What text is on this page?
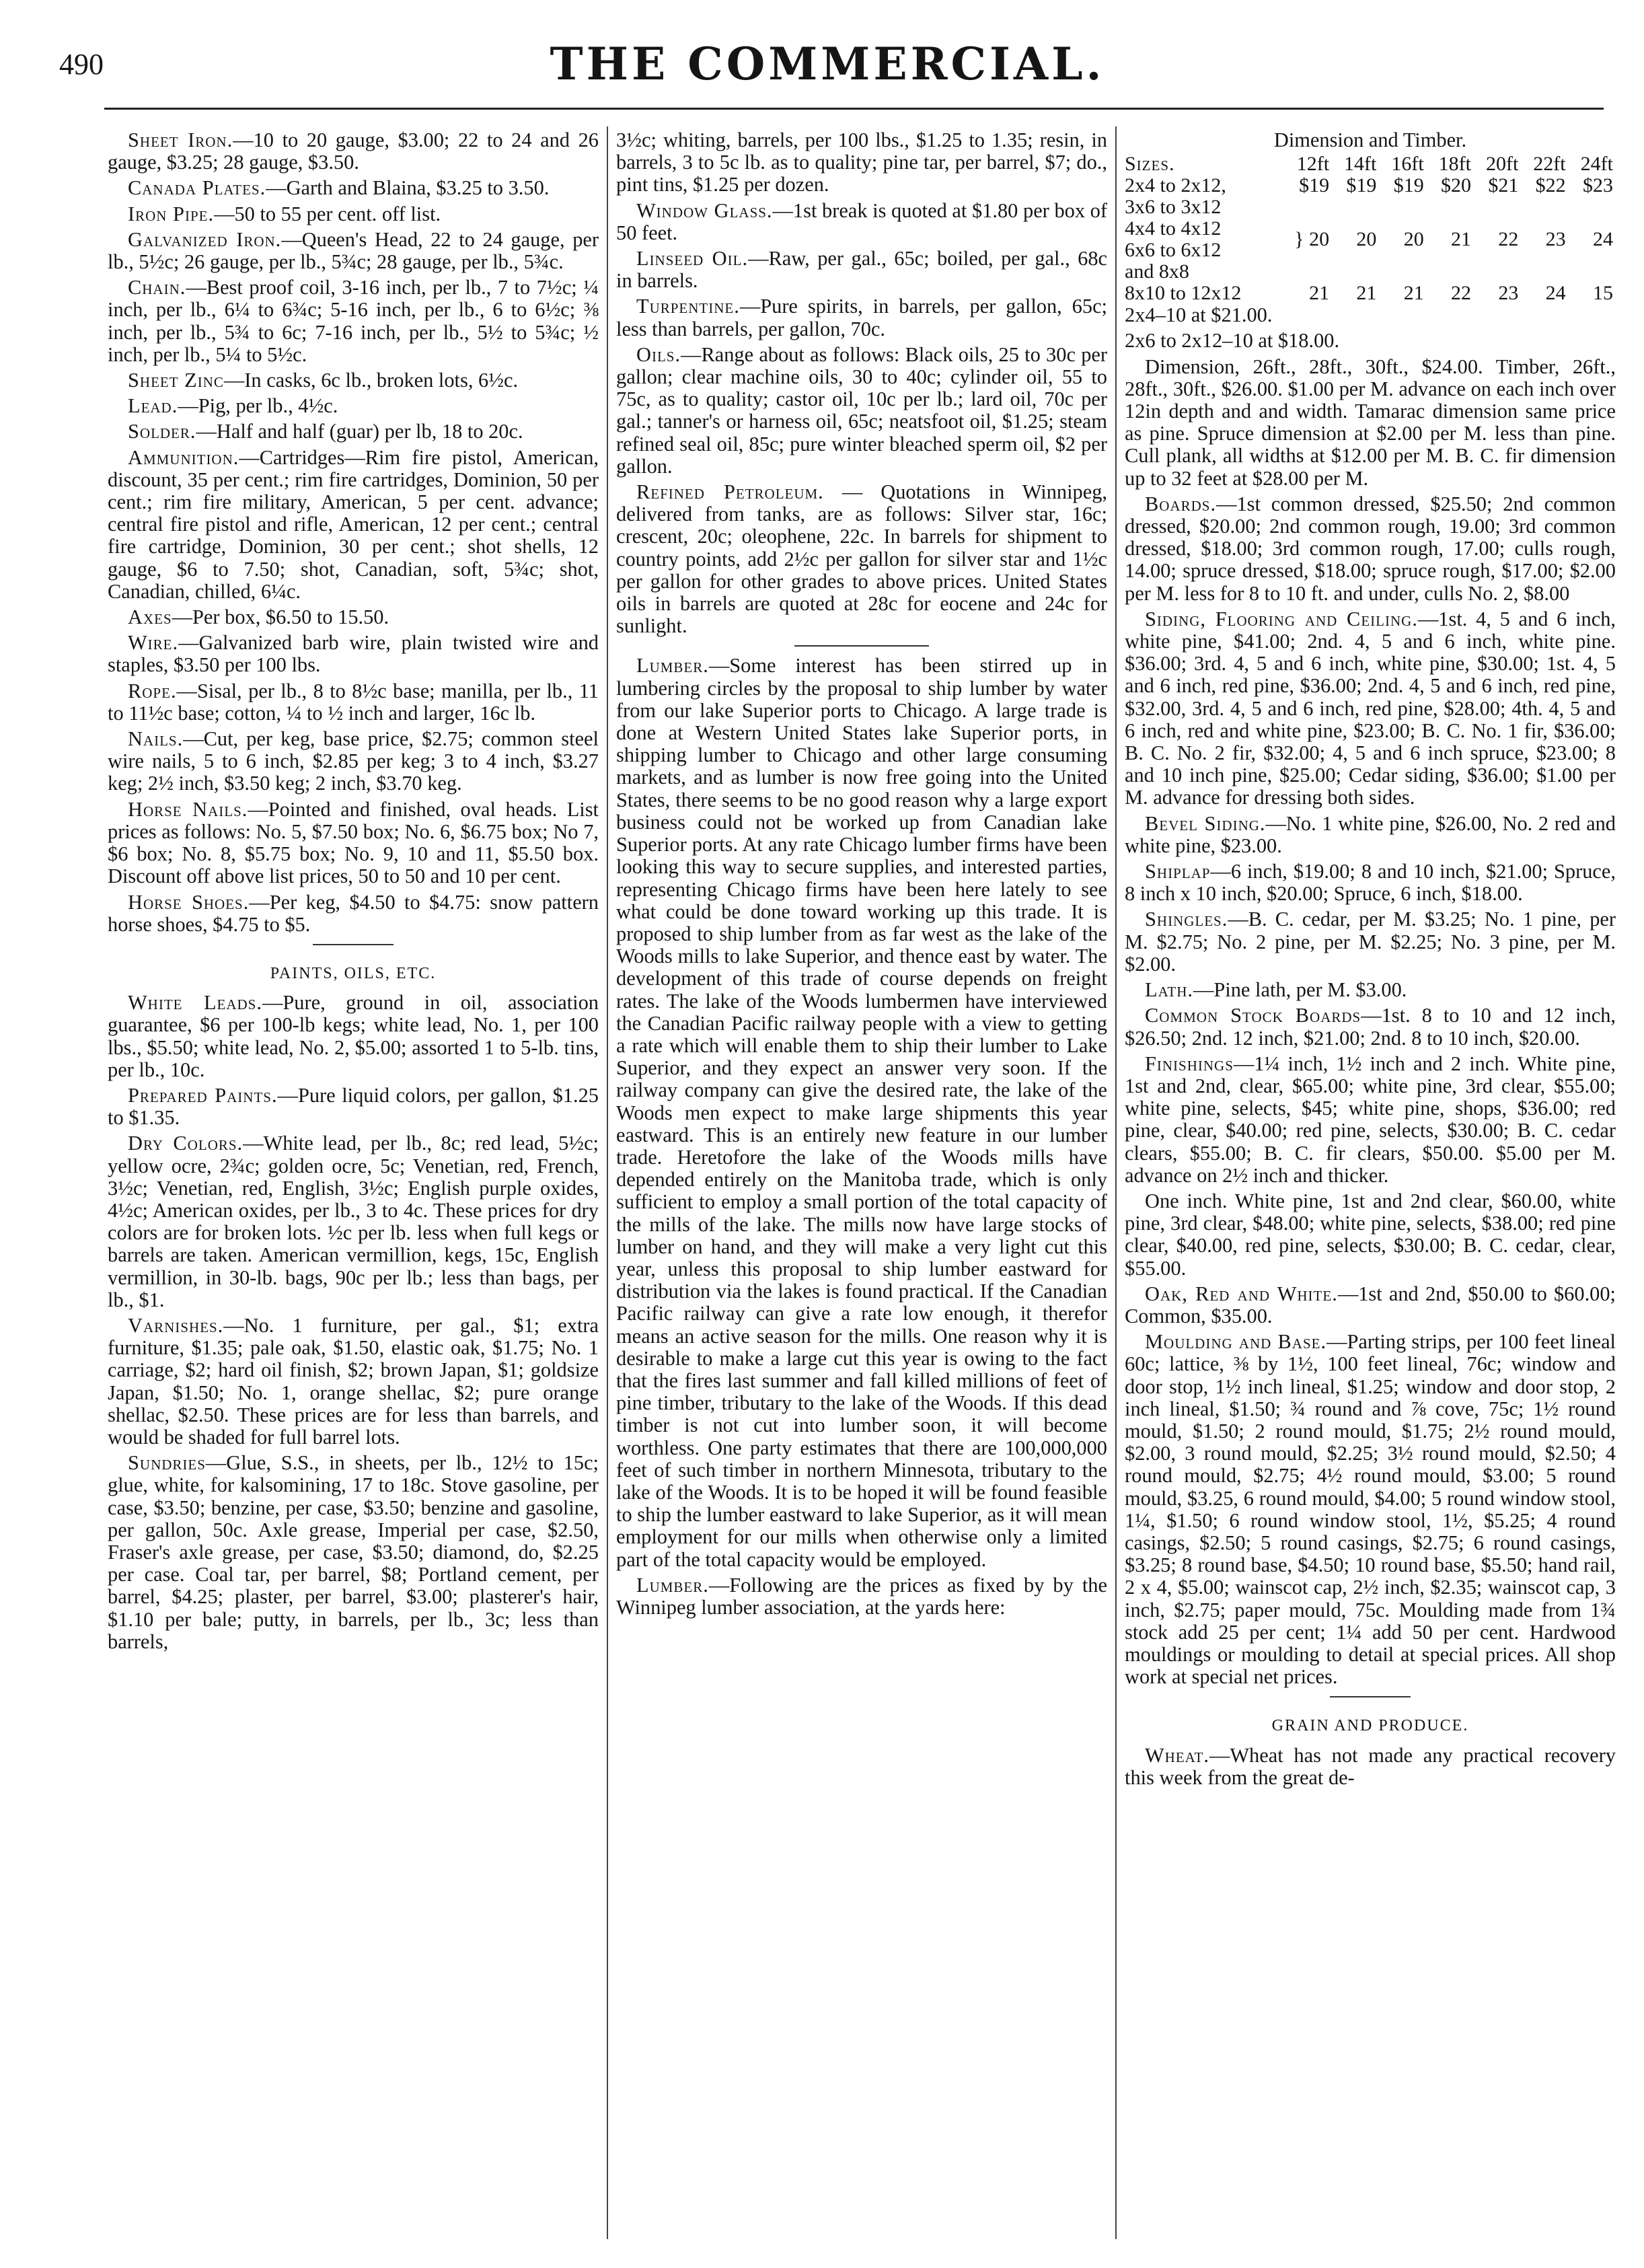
490	THE COMMERCIAL.

Sheet Iron.—10 to 20 gauge, $3.00; 22 to 24 and 26 gauge, $3.25; 28 gauge, $3.50.

Canada Plates.—Garth and Blaina, $3.25 to 3.50.

Iron Pipe.—50 to 55 per cent. off list.

Galvanized Iron.—Queen's Head, 22 to 24 gauge, per lb., 5½c; 26 gauge, per lb., 5¾c; 28 gauge, per lb., 5¾c.

Chain.—Best proof coil, 3-16 inch, per lb., 7 to 7½c; ¼ inch, per lb., 6¼ to 6¾c; 5-16 inch, per lb., 6 to 6½c; ⅜ inch, per lb., 5¾ to 6c; 7-16 inch, per lb., 5½ to 5¾c; ½ inch, per lb., 5¼ to 5½c.

Sheet Zinc—In casks, 6c lb., broken lots, 6½c.

Lead.—Pig, per lb., 4½c.

Solder.—Half and half (guar) per lb, 18 to 20c.

Ammunition.—Cartridges—Rim fire pistol, American, discount, 35 per cent.; rim fire cartridges, Dominion, 50 per cent.; rim fire military, American, 5 per cent. advance; central fire pistol and rifle, American, 12 per cent.; central fire cartridge, Dominion, 30 per cent.; shot shells, 12 gauge, $6 to 7.50; shot, Canadian, soft, 5¾c; shot, Canadian, chilled, 6¼c.

Axes—Per box, $6.50 to 15.50.

Wire.—Galvanized barb wire, plain twisted wire and staples, $3.50 per 100 lbs.

Rope.—Sisal, per lb., 8 to 8½c base; manilla, per lb., 11 to 11½c base; cotton, ¼ to ½ inch and larger, 16c lb.

Nails.—Cut, per keg, base price, $2.75; common steel wire nails, 5 to 6 inch, $2.85 per keg; 3 to 4 inch, $3.27 keg; 2½ inch, $3.50 keg; 2 inch, $3.70 keg.

Horse Nails.—Pointed and finished, oval heads. List prices as follows: No. 5, $7.50 box; No. 6, $6.75 box; No 7, $6 box; No. 8, $5.75 box; No. 9, 10 and 11, $5.50 box. Discount off above list prices, 50 to 50 and 10 per cent.

Horse Shoes.—Per keg, $4.50 to $4.75: snow pattern horse shoes, $4.75 to $5.

PAINTS, OILS, ETC.

White Leads.—Pure, ground in oil, association guarantee, $6 per 100-lb kegs; white lead, No. 1, per 100 lbs., $5.50; white lead, No. 2, $5.00; assorted 1 to 5-lb. tins, per lb., 10c.

Prepared Paints.—Pure liquid colors, per gallon, $1.25 to $1.35.

Dry Colors.—White lead, per lb., 8c; red lead, 5½c; yellow ocre, 2¾c; golden ocre, 5c; Venetian, red, French, 3½c; Venetian, red, English, 3½c; English purple oxides, 4½c; American oxides, per lb., 3 to 4c. These prices for dry colors are for broken lots. ½c per lb. less when full kegs or barrels are taken. American vermillion, kegs, 15c, English vermillion, in 30-lb. bags, 90c per lb.; less than bags, per lb., $1.

Varnishes.—No. 1 furniture, per gal., $1; extra furniture, $1.35; pale oak, $1.50, elastic oak, $1.75; No. 1 carriage, $2; hard oil finish, $2; brown Japan, $1; goldsize Japan, $1.50; No. 1, orange shellac, $2; pure orange shellac, $2.50. These prices are for less than barrels, and would be shaded for full barrel lots.

Sundries—Glue, S.S., in sheets, per lb., 12½ to 15c; glue, white, for kalsomining, 17 to 18c. Stove gasoline, per case, $3.50; benzine, per case, $3.50; benzine and gasoline, per gallon, 50c. Axle grease, Imperial per case, $2.50, Fraser's axle grease, per case, $3.50; diamond, do, $2.25 per case. Coal tar, per barrel, $8; Portland cement, per barrel, $4.25; plaster, per barrel, $3.00; plasterer's hair, $1.10 per bale; putty, in barrels, per lb., 3c; less than barrels,

3½c; whiting, barrels, per 100 lbs., $1.25 to 1.35; resin, in barrels, 3 to 5c lb. as to quality; pine tar, per barrel, $7; do., pint tins, $1.25 per dozen.

Window Glass.—1st break is quoted at $1.80 per box of 50 feet.

Linseed Oil.—Raw, per gal., 65c; boiled, per gal., 68c in barrels.

Turpentine.—Pure spirits, in barrels, per gallon, 65c; less than barrels, per gallon, 70c.

Oils.—Range about as follows: Black oils, 25 to 30c per gallon; clear machine oils, 30 to 40c; cylinder oil, 55 to 75c, as to quality; castor oil, 10c per lb.; lard oil, 70c per gal.; tanner's or harness oil, 65c; neatsfoot oil, $1.25; steam refined seal oil, 85c; pure winter bleached sperm oil, $2 per gallon.

Refined Petroleum. — Quotations in Winnipeg, delivered from tanks, are as follows: Silver star, 16c; crescent, 20c; oleophene, 22c. In barrels for shipment to country points, add 2½c per gallon for silver star and 1½c per gallon for other grades to above prices. United States oils in barrels are quoted at 28c for eocene and 24c for sunlight.

Lumber.—Some interest has been stirred up in lumbering circles by the proposal to ship lumber by water from our lake Superior ports to Chicago. A large trade is done at Western United States lake Superior ports, in shipping lumber to Chicago and other large consuming markets, and as lumber is now free going into the United States, there seems to be no good reason why a large export business could not be worked up from Canadian lake Superior ports. At any rate Chicago lumber firms have been looking this way to secure supplies, and interested parties, representing Chicago firms have been here lately to see what could be done toward working up this trade. It is proposed to ship lumber from as far west as the lake of the Woods mills to lake Superior, and thence east by water. The development of this trade of course depends on freight rates. The lake of the Woods lumbermen have interviewed the Canadian Pacific railway people with a view to getting a rate which will enable them to ship their lumber to Lake Superior, and they expect an answer very soon. If the railway company can give the desired rate, the lake of the Woods men expect to make large shipments this year eastward. This is an entirely new feature in our lumber trade. Heretofore the lake of the Woods mills have depended entirely on the Manitoba trade, which is only sufficient to employ a small portion of the total capacity of the mills of the lake. The mills now have large stocks of lumber on hand, and they will make a very light cut this year, unless this proposal to ship lumber eastward for distribution via the lakes is found practical. If the Canadian Pacific railway can give a rate low enough, it therefor means an active season for the mills. One reason why it is desirable to make a large cut this year is owing to the fact that the fires last summer and fall killed millions of feet of pine timber, tributary to the lake of the Woods. If this dead timber is not cut into lumber soon, it will become worthless. One party estimates that there are 100,000,000 feet of such timber in northern Minnesota, tributary to the lake of the Woods. It is to be hoped it will be found feasible to ship the lumber eastward to lake Superior, as it will mean employment for our mills when otherwise only a limited part of the total capacity would be employed.

Lumber.—Following are the prices as fixed by by the Winnipeg lumber association, at the yards here:

Dimension and Timber.

Sizes.	12ft	14ft	16ft	18ft	20ft	22ft	24ft
2x4 to 2x12,	$19	$19	$19	$20	$21	$22	$23

3x6 to 3x12
4x4 to 4x12
6x6 to 6x12
and 8x8	} 20	20	20	21	22	23	24
8x10 to 12x12	21	21	21	22	23	24	15

2x4–10 at $21.00.

2x6 to 2x12–10 at $18.00.

Dimension, 26ft., 28ft., 30ft., $24.00. Timber, 26ft., 28ft., 30ft., $26.00. $1.00 per M. advance on each inch over 12in depth and and width. Tamarac dimension same price as pine. Spruce dimension at $2.00 per M. less than pine. Cull plank, all widths at $12.00 per M. B. C. fir dimension up to 32 feet at $28.00 per M.

Boards.—1st common dressed, $25.50; 2nd common dressed, $20.00; 2nd common rough, 19.00; 3rd common dressed, $18.00; 3rd common rough, 17.00; culls rough, 14.00; spruce dressed, $18.00; spruce rough, $17.00; $2.00 per M. less for 8 to 10 ft. and under, culls No. 2, $8.00

Siding, Flooring and Ceiling.—1st. 4, 5 and 6 inch, white pine, $41.00; 2nd. 4, 5 and 6 inch, white pine. $36.00; 3rd. 4, 5 and 6 inch, white pine, $30.00; 1st. 4, 5 and 6 inch, red pine, $36.00; 2nd. 4, 5 and 6 inch, red pine, $32.00, 3rd. 4, 5 and 6 inch, red pine, $28.00; 4th. 4, 5 and 6 inch, red and white pine, $23.00; B. C. No. 1 fir, $36.00; B. C. No. 2 fir, $32.00; 4, 5 and 6 inch spruce, $23.00; 8 and 10 inch pine, $25.00; Cedar siding, $36.00; $1.00 per M. advance for dressing both sides.

Bevel Siding.—No. 1 white pine, $26.00, No. 2 red and white pine, $23.00.

Shiplap—6 inch, $19.00; 8 and 10 inch, $21.00; Spruce, 8 inch x 10 inch, $20.00; Spruce, 6 inch, $18.00.

Shingles.—B. C. cedar, per M. $3.25; No. 1 pine, per M. $2.75; No. 2 pine, per M. $2.25; No. 3 pine, per M. $2.00.

Lath.—Pine lath, per M. $3.00.

Common Stock Boards—1st. 8 to 10 and 12 inch, $26.50; 2nd. 12 inch, $21.00; 2nd. 8 to 10 inch, $20.00.

Finishings—1¼ inch, 1½ inch and 2 inch. White pine, 1st and 2nd, clear, $65.00; white pine, 3rd clear, $55.00; white pine, selects, $45; white pine, shops, $36.00; red pine, clear, $40.00; red pine, selects, $30.00; B. C. cedar clears, $55.00; B. C. fir clears, $50.00. $5.00 per M. advance on 2½ inch and thicker.

One inch. White pine, 1st and 2nd clear, $60.00, white pine, 3rd clear, $48.00; white pine, selects, $38.00; red pine clear, $40.00, red pine, selects, $30.00; B. C. cedar, clear, $55.00.

Oak, Red and White.—1st and 2nd, $50.00 to $60.00; Common, $35.00.

Moulding and Base.—Parting strips, per 100 feet lineal 60c; lattice, ⅜ by 1½, 100 feet lineal, 76c; window and door stop, 1½ inch lineal, $1.25; window and door stop, 2 inch lineal, $1.50; ¾ round and ⅞ cove, 75c; 1½ round mould, $1.50; 2 round mould, $1.75; 2½ round mould, $2.00, 3 round mould, $2.25; 3½ round mould, $2.50; 4 round mould, $2.75; 4½ round mould, $3.00; 5 round mould, $3.25, 6 round mould, $4.00; 5 round window stool, 1¼, $1.50; 6 round window stool, 1½, $5.25; 4 round casings, $2.50; 5 round casings, $2.75; 6 round casings, $3.25; 8 round base, $4.50; 10 round base, $5.50; hand rail, 2 x 4, $5.00; wainscot cap, 2½ inch, $2.35; wainscot cap, 3 inch, $2.75; paper mould, 75c. Moulding made from 1¾ stock add 25 per cent; 1¼ add 50 per cent. Hardwood mouldings or moulding to detail at special prices. All shop work at special net prices.

GRAIN AND PRODUCE.

Wheat.—Wheat has not made any practical recovery this week from the great de-
